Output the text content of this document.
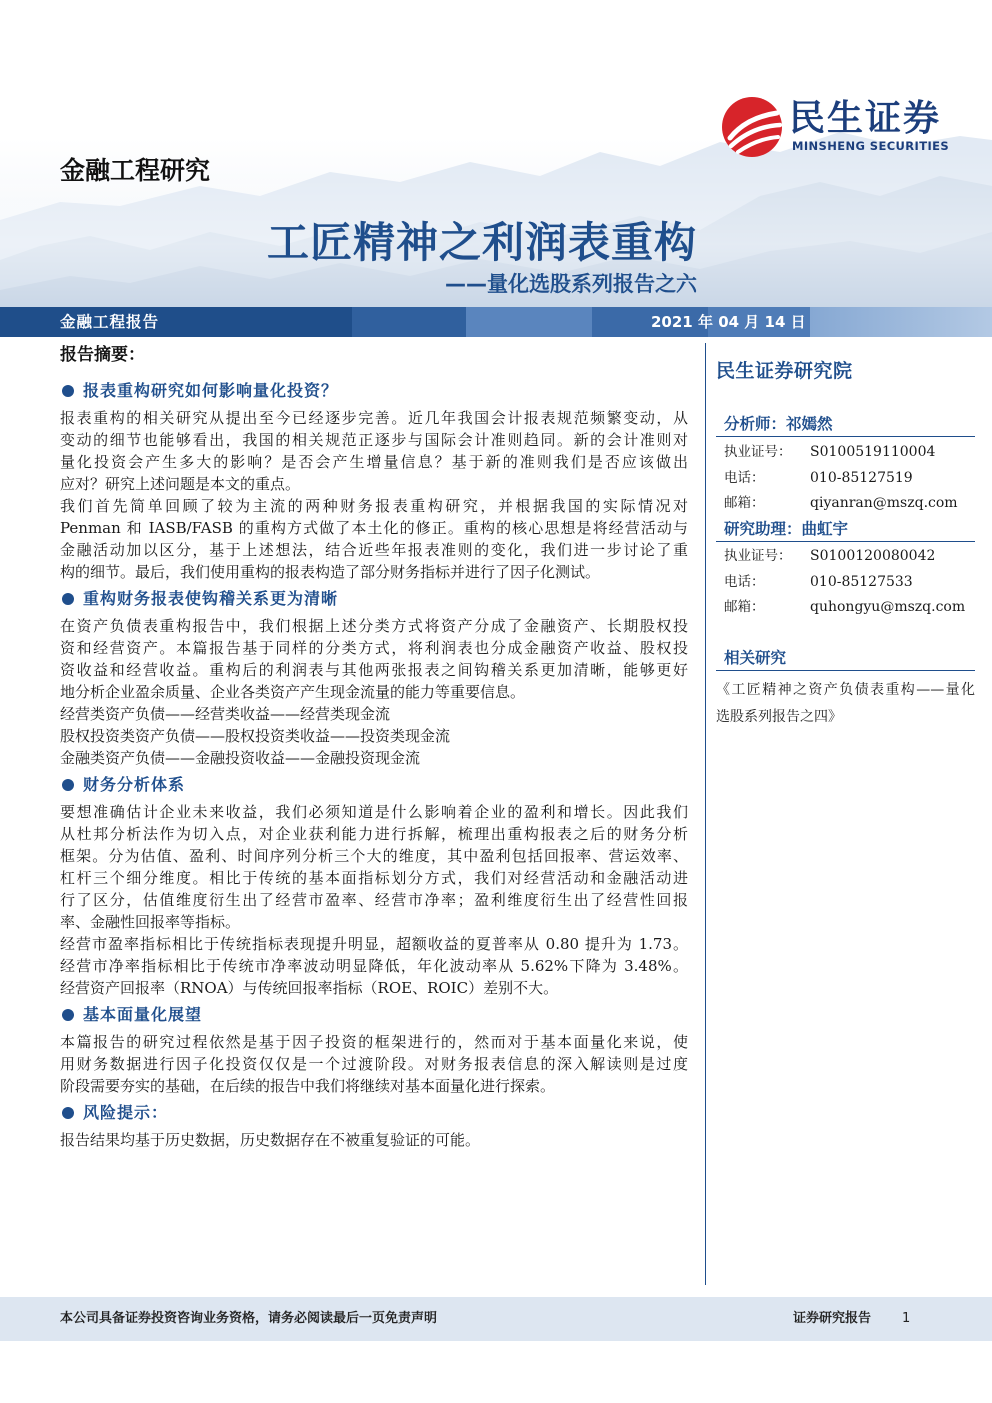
民生证券
MINSHENG SECURITIES
金融工程研究
工匠精神之利润表重构
——量化选股系列报告之六
金融工程报告	2021 年 04 月 14 日
报告摘要：
报表重构研究如何影响量化投资？
报表重构的相关研究从提出至今已经逐步完善。近几年我国会计报表规范频繁变动，从
变动的细节也能够看出，我国的相关规范正逐步与国际会计准则趋同。新的会计准则对
量化投资会产生多大的影响？是否会产生增量信息？基于新的准则我们是否应该做出
应对？研究上述问题是本文的重点。
我们首先简单回顾了较为主流的两种财务报表重构研究，并根据我国的实际情况对
Penman 和 IASB/FASB 的重构方式做了本土化的修正。重构的核心思想是将经营活动与
金融活动加以区分，基于上述想法，结合近些年报表准则的变化，我们进一步讨论了重
构的细节。最后，我们使用重构的报表构造了部分财务指标并进行了因子化测试。
重构财务报表使钩稽关系更为清晰
在资产负债表重构报告中，我们根据上述分类方式将资产分成了金融资产、长期股权投
资和经营资产。本篇报告基于同样的分类方式，将利润表也分成金融资产收益、股权投
资收益和经营收益。重构后的利润表与其他两张报表之间钩稽关系更加清晰，能够更好
地分析企业盈余质量、企业各类资产产生现金流量的能力等重要信息。
经营类资产负债——经营类收益——经营类现金流
股权投资类资产负债——股权投资类收益——投资类现金流
金融类资产负债——金融投资收益——金融投资现金流
财务分析体系
要想准确估计企业未来收益，我们必须知道是什么影响着企业的盈利和增长。因此我们
从杜邦分析法作为切入点，对企业获利能力进行拆解，梳理出重构报表之后的财务分析
框架。分为估值、盈利、时间序列分析三个大的维度，其中盈利包括回报率、营运效率、
杠杆三个细分维度。相比于传统的基本面指标划分方式，我们对经营活动和金融活动进
行了区分，估值维度衍生出了经营市盈率、经营市净率；盈利维度衍生出了经营性回报
率、金融性回报率等指标。
经营市盈率指标相比于传统指标表现提升明显，超额收益的夏普率从 0.80 提升为 1.73。
经营市净率指标相比于传统市净率波动明显降低，年化波动率从 5.62%下降为 3.48%。
经营资产回报率（RNOA）与传统回报率指标（ROE、ROIC）差别不大。
基本面量化展望
本篇报告的研究过程依然是基于因子投资的框架进行的，然而对于基本面量化来说，使
用财务数据进行因子化投资仅仅是一个过渡阶段。对财务报表信息的深入解读则是过度
阶段需要夯实的基础，在后续的报告中我们将继续对基本面量化进行探索。
风险提示：
报告结果均基于历史数据，历史数据存在不被重复验证的可能。
民生证券研究院
分析师：祁嫣然
执业证号： S0100519110004
电话：	010-85127519
邮箱：	qiyanran@mszq.com
研究助理：曲虹宇
执业证号： S0100120080042
电话：	010-85127533
邮箱：	quhongyu@mszq.com
相关研究
《工匠精神之资产负债表重构——量化
选股系列报告之四》
本公司具备证券投资咨询业务资格，请务必阅读最后一页免责声明	证券研究报告 1
